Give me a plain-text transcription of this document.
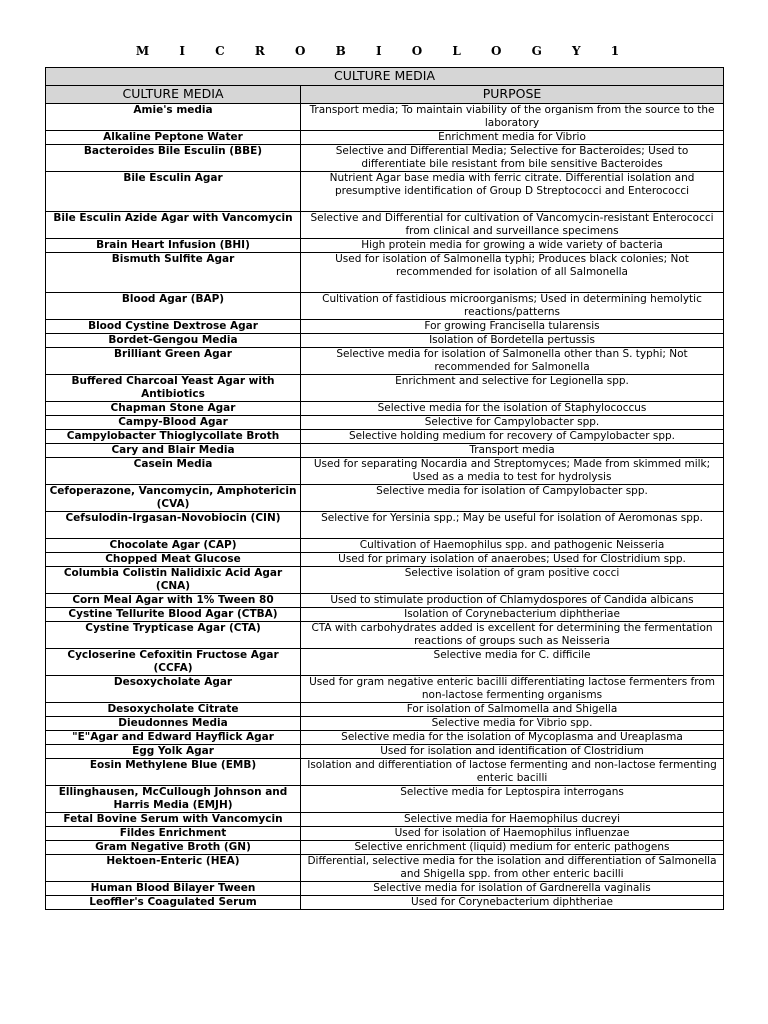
M I C R O B I O L O G Y 1
CULTURE MEDIA	
CULTURE MEDIA	PURPOSE
Amie's media	Transport media; To maintain viability of the organism from the source to the laboratory
Alkaline Peptone Water	Enrichment media for Vibrio
Bacteroides Bile Esculin (BBE)	Selective and Differential Media; Selective for Bacteroides; Used to differentiate bile resistant from bile sensitive Bacteroides
Bile Esculin Agar	Nutrient Agar base media with ferric citrate. Differential isolation and presumptive identification of Group D Streptococci and Enterococci
Bile Esculin Azide Agar with Vancomycin	Selective and Differential for cultivation of Vancomycin-resistant Enterococci from clinical and surveillance specimens
Brain Heart Infusion (BHI)	High protein media for growing a wide variety of bacteria
Bismuth Sulfite Agar	Used for isolation of Salmonella typhi; Produces black colonies; Not recommended for isolation of all Salmonella
Blood Agar (BAP)	Cultivation of fastidious microorganisms; Used in determining hemolytic reactions/patterns
Blood Cystine Dextrose Agar	For growing Francisella tularensis
Bordet-Gengou Media	Isolation of Bordetella pertussis
Brilliant Green Agar	Selective media for isolation of Salmonella other than S. typhi; Not recommended for Salmonella
Buffered Charcoal Yeast Agar with Antibiotics	Enrichment and selective for Legionella spp.
Chapman Stone Agar	Selective media for the isolation of Staphylococcus
Campy-Blood Agar	Selective for Campylobacter spp.
Campylobacter Thioglycollate Broth	Selective holding medium for recovery of Campylobacter spp.
Cary and Blair Media	Transport media
Casein Media	Used for separating Nocardia and Streptomyces; Made from skimmed milk; Used as a media to test for hydrolysis
Cefoperazone, Vancomycin, Amphotericin (CVA)	Selective media for isolation of Campylobacter spp.
Cefsulodin-Irgasan-Novobiocin (CIN)	Selective for Yersinia spp.; May be useful for isolation of Aeromonas spp.
Chocolate Agar (CAP)	Cultivation of Haemophilus spp. and pathogenic Neisseria
Chopped Meat Glucose	Used for primary isolation of anaerobes; Used for Clostridium spp.
Columbia Colistin Nalidixic Acid Agar (CNA)	Selective isolation of gram positive cocci
Corn Meal Agar with 1% Tween 80	Used to stimulate production of Chlamydospores of Candida albicans
Cystine Tellurite Blood Agar (CTBA)	Isolation of Corynebacterium diphtheriae
Cystine Trypticase Agar (CTA)	CTA with carbohydrates added is excellent for determining the fermentation reactions of groups such as Neisseria
Cycloserine Cefoxitin Fructose Agar (CCFA)	Selective media for C. difficile
Desoxycholate Agar	Used for gram negative enteric bacilli differentiating lactose fermenters from non-lactose fermenting organisms
Desoxycholate Citrate	For isolation of Salmomella and Shigella
Dieudonnes Media	Selective media for Vibrio spp.
"E"Agar and Edward Hayflick Agar	Selective media for the isolation of Mycoplasma and Ureaplasma
Egg Yolk Agar	Used for isolation and identification of Clostridium
Eosin Methylene Blue (EMB)	Isolation and differentiation of lactose fermenting and non-lactose fermenting enteric bacilli
Ellinghausen, McCullough Johnson and Harris Media (EMJH)	Selective media for Leptospira interrogans
Fetal Bovine Serum with Vancomycin	Selective media for Haemophilus ducreyi
Fildes Enrichment	Used for isolation of Haemophilus influenzae
Gram Negative Broth (GN)	Selective enrichment (liquid) medium for enteric pathogens
Hektoen-Enteric (HEA)	Differential, selective media for the isolation and differentiation of Salmonella and Shigella spp. from other enteric bacilli
Human Blood Bilayer Tween	Selective media for isolation of Gardnerella vaginalis
Leoffler's Coagulated Serum	Used for Corynebacterium diphtheriae
